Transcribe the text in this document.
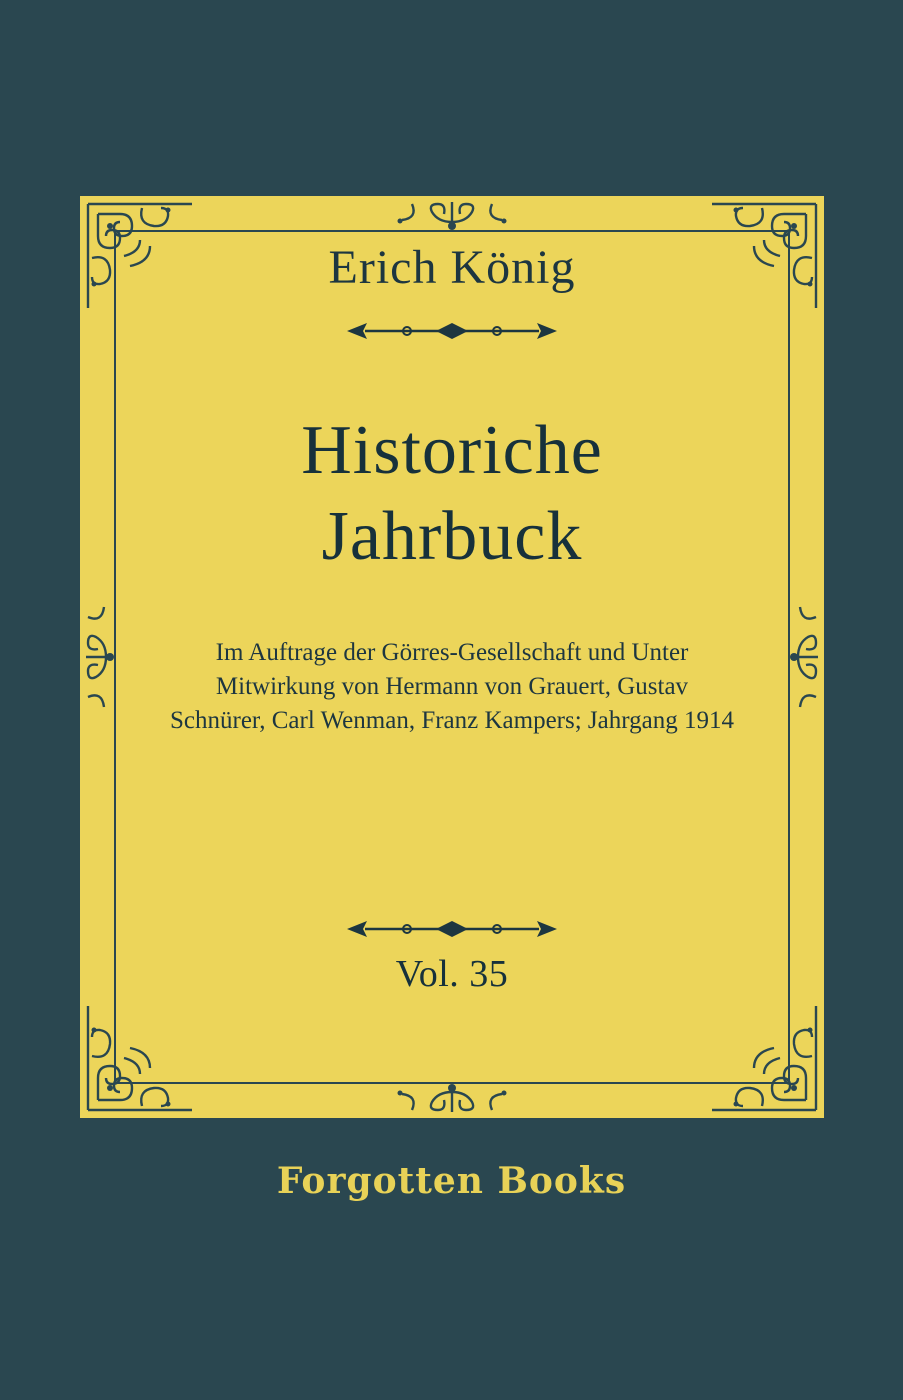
Erich König
Historiche
Jahrbuck
Im Auftrage der Görres-Gesellschaft und Unter
Mitwirkung von Hermann von Grauert, Gustav
Schnürer, Carl Wenman, Franz Kampers; Jahrgang 1914
Vol. 35
Forgotten Books
